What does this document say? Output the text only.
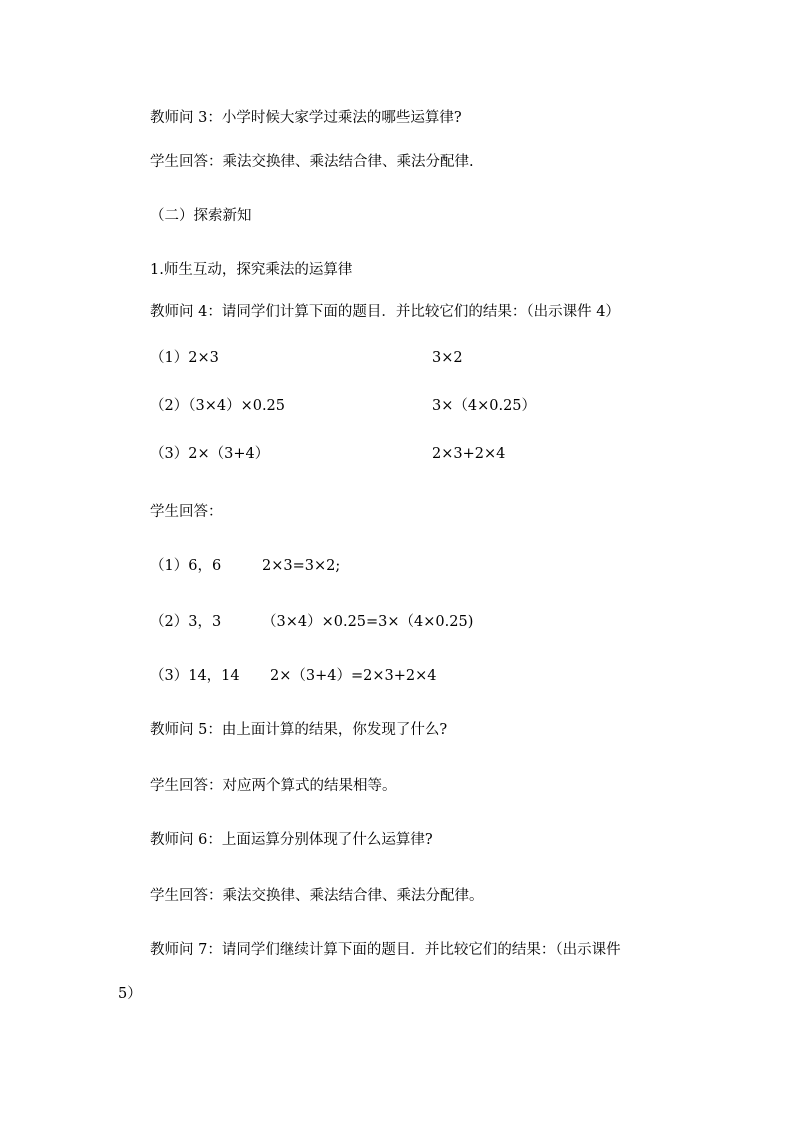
教师问 3：小学时候大家学过乘法的哪些运算律?
学生回答：乘法交换律、乘法结合律、乘法分配律.
（二）探索新知
1.师生互动，探究乘法的运算律
教师问 4：请同学们计算下面的题目．并比较它们的结果：（出示课件 4）
（1）2×3	3×2
（2）（3×4）×0.25	3×（4×0.25）
（3）2×（3+4）	2×3+2×4
学生回答：
（1）6，6	2×3=3×2;
（2）3，3	（3×4）×0.25=3×（4×0.25)
（3）14，14 2×（3+4）=2×3+2×4
教师问 5：由上面计算的结果，你发现了什么?
学生回答：对应两个算式的结果相等。
教师问 6：上面运算分别体现了什么运算律?
学生回答：乘法交换律、乘法结合律、乘法分配律。
教师问 7：请同学们继续计算下面的题目．并比较它们的结果：（出示课件
5）
